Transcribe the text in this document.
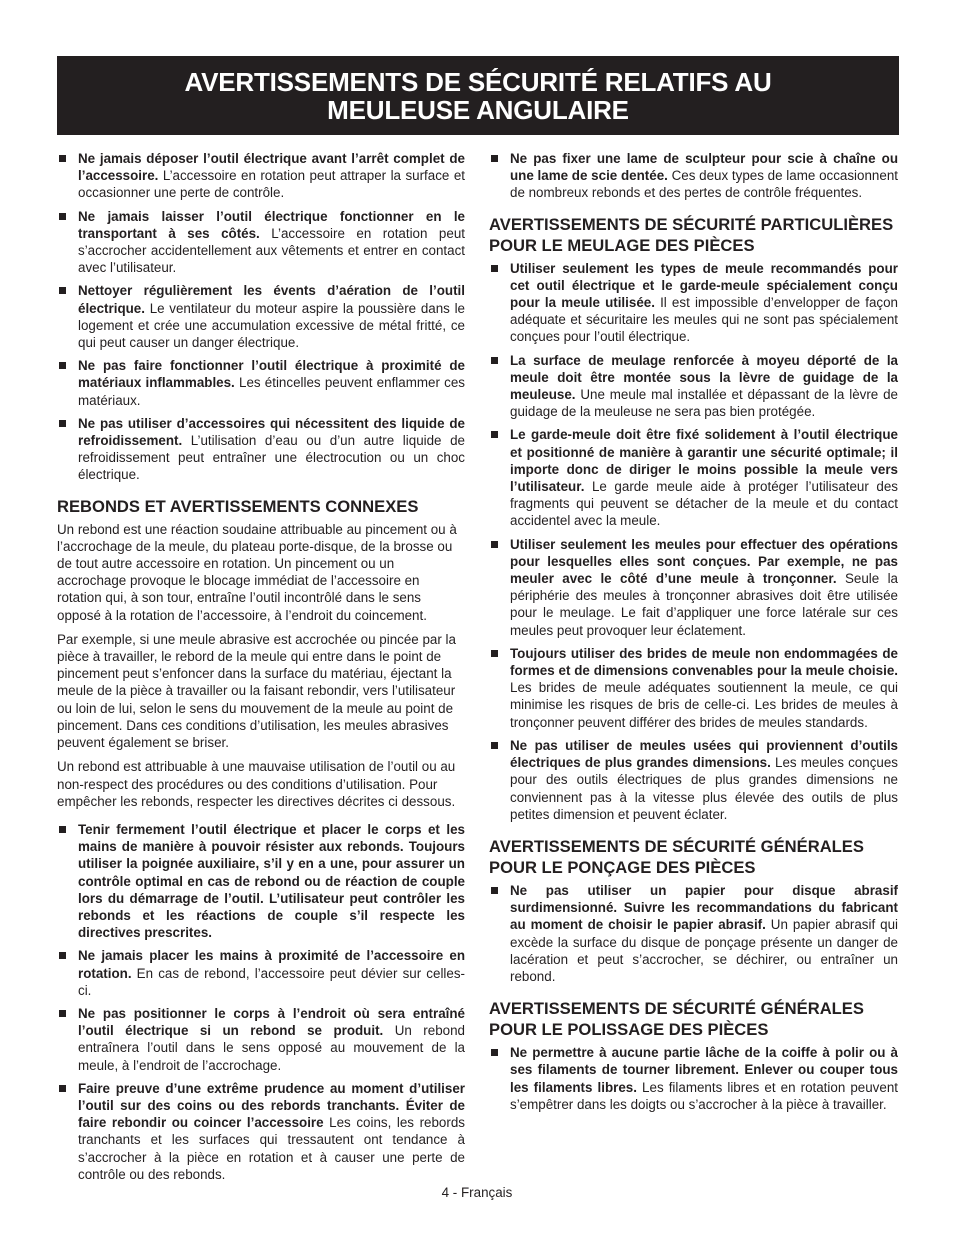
AVERTISSEMENTS DE SÉCURITÉ RELATIFS AU
MEULEUSE ANGULAIRE
Ne jamais déposer l’outil électrique avant l’arrêt complet de l’accessoire. L’accessoire en rotation peut attraper la surface et occasionner une perte de contrôle.
Ne jamais laisser l’outil électrique fonctionner en le transportant à ses côtés. L’accessoire en rotation peut s’accrocher accidentellement aux vêtements et entrer en contact avec l’utilisateur.
Nettoyer régulièrement les évents d’aération de l’outil électrique. Le ventilateur du moteur aspire la poussière dans le logement et crée une accumulation excessive de métal fritté, ce qui peut causer un danger électrique.
Ne pas faire fonctionner l’outil électrique à proximité de matériaux inflammables. Les étincelles peuvent enflammer ces matériaux.
Ne pas utiliser d’accessoires qui nécessitent des liquide de refroidissement. L’utilisation d’eau ou d’un autre liquide de refroidissement peut entraîner une électrocution ou un choc électrique.
REBONDS ET AVERTISSEMENTS CONNEXES

Un rebond est une réaction soudaine attribuable au pincement ou à l’accrochage de la meule, du plateau porte-disque, de la brosse ou de tout autre accessoire en rotation. Un pincement ou un accrochage provoque le blocage immédiat de l’accessoire en rotation qui, à son tour, entraîne l’outil incontrôlé dans le sens opposé à la rotation de l’accessoire, à l’endroit du coincement.

Par exemple, si une meule abrasive est accrochée ou pincée par la pièce à travailler, le rebord de la meule qui entre dans le point de pincement peut s’enfoncer dans la surface du matériau, éjectant la meule de la pièce à travailler ou la faisant rebondir, vers l’utilisateur ou loin de lui, selon le sens du mouvement de la meule au point de pincement. Dans ces conditions d’utilisation, les meules abrasives peuvent également se briser.

Un rebond est attribuable à une mauvaise utilisation de l’outil ou au non-respect des procédures ou des conditions d’utilisation. Pour empêcher les rebonds, respecter les directives décrites ci dessous.

Tenir fermement l’outil électrique et placer le corps et les mains de manière à pouvoir résister aux rebonds. Toujours utiliser la poignée auxiliaire, s’il y en a une, pour assurer un contrôle optimal en cas de rebond ou de réaction de couple lors du démarrage de l’outil. L’utilisateur peut contrôler les rebonds et les réactions de couple s’il respecte les directives prescrites.
Ne jamais placer les mains à proximité de l’accessoire en rotation. En cas de rebond, l’accessoire peut dévier sur celles-ci.
Ne pas positionner le corps à l’endroit où sera entraîné l’outil électrique si un rebond se produit. Un rebond entraînera l’outil dans le sens opposé au mouvement de la meule, à l’endroit de l’accrochage.
Faire preuve d’une extrême prudence au moment d’utiliser l’outil sur des coins ou des rebords tranchants. Éviter de faire rebondir ou coincer l’accessoire Les coins, les rebords tranchants et les surfaces qui tressautent ont tendance à s’accrocher à la pièce en rotation et à causer une perte de contrôle ou des rebonds.
Ne pas fixer une lame de sculpteur pour scie à chaîne ou une lame de scie dentée. Ces deux types de lame occasionnent de nombreux rebonds et des pertes de contrôle fréquentes.
AVERTISSEMENTS DE SÉCURITÉ PARTICULIÈRES POUR LE MEULAGE DES PIÈCES
Utiliser seulement les types de meule recommandés pour cet outil électrique et le garde-meule spécialement conçu pour la meule utilisée. Il est impossible d’envelopper de façon adéquate et sécuritaire les meules qui ne sont pas spécialement conçues pour l’outil électrique.
La surface de meulage renforcée à moyeu déporté de la meule doit être montée sous la lèvre de guidage de la meuleuse. Une meule mal installée et dépassant de la lèvre de guidage de la meuleuse ne sera pas bien protégée.
Le garde-meule doit être fixé solidement à l’outil électrique et positionné de manière à garantir une sécurité optimale; il importe donc de diriger le moins possible la meule vers l’utilisateur. Le garde meule aide à protéger l’utilisateur des fragments qui peuvent se détacher de la meule et du contact accidentel avec la meule.
Utiliser seulement les meules pour effectuer des opérations pour lesquelles elles sont conçues. Par exemple, ne pas meuler avec le côté d’une meule à tronçonner. Seule la périphérie des meules à tronçonner abrasives doit être utilisée pour le meulage. Le fait d’appliquer une force latérale sur ces meules peut provoquer leur éclatement.
Toujours utiliser des brides de meule non endommagées de formes et de dimensions convenables pour la meule choisie. Les brides de meule adéquates soutiennent la meule, ce qui minimise les risques de bris de celle-ci. Les brides de meules à tronçonner peuvent différer des brides de meules standards.
Ne pas utiliser de meules usées qui proviennent d’outils électriques de plus grandes dimensions. Les meules conçues pour des outils électriques de plus grandes dimensions ne conviennent pas à la vitesse plus élevée des outils de plus petites dimension et peuvent éclater.
AVERTISSEMENTS DE SÉCURITÉ GÉNÉRALES POUR LE PONÇAGE DES PIÈCES
Ne pas utiliser un papier pour disque abrasif surdimensionné. Suivre les recommandations du fabricant au moment de choisir le papier abrasif. Un papier abrasif qui excède la surface du disque de ponçage présente un danger de lacération et peut s’accrocher, se déchirer, ou entraîner un rebond.
AVERTISSEMENTS DE SÉCURITÉ GÉNÉRALES POUR LE POLISSAGE DES PIÈCES
Ne permettre à aucune partie lâche de la coiffe à polir ou à ses filaments de tourner librement. Enlever ou couper tous les filaments libres. Les filaments libres et en rotation peuvent s’empêtrer dans les doigts ou s’accrocher à la pièce à travailler.
4 - Français
